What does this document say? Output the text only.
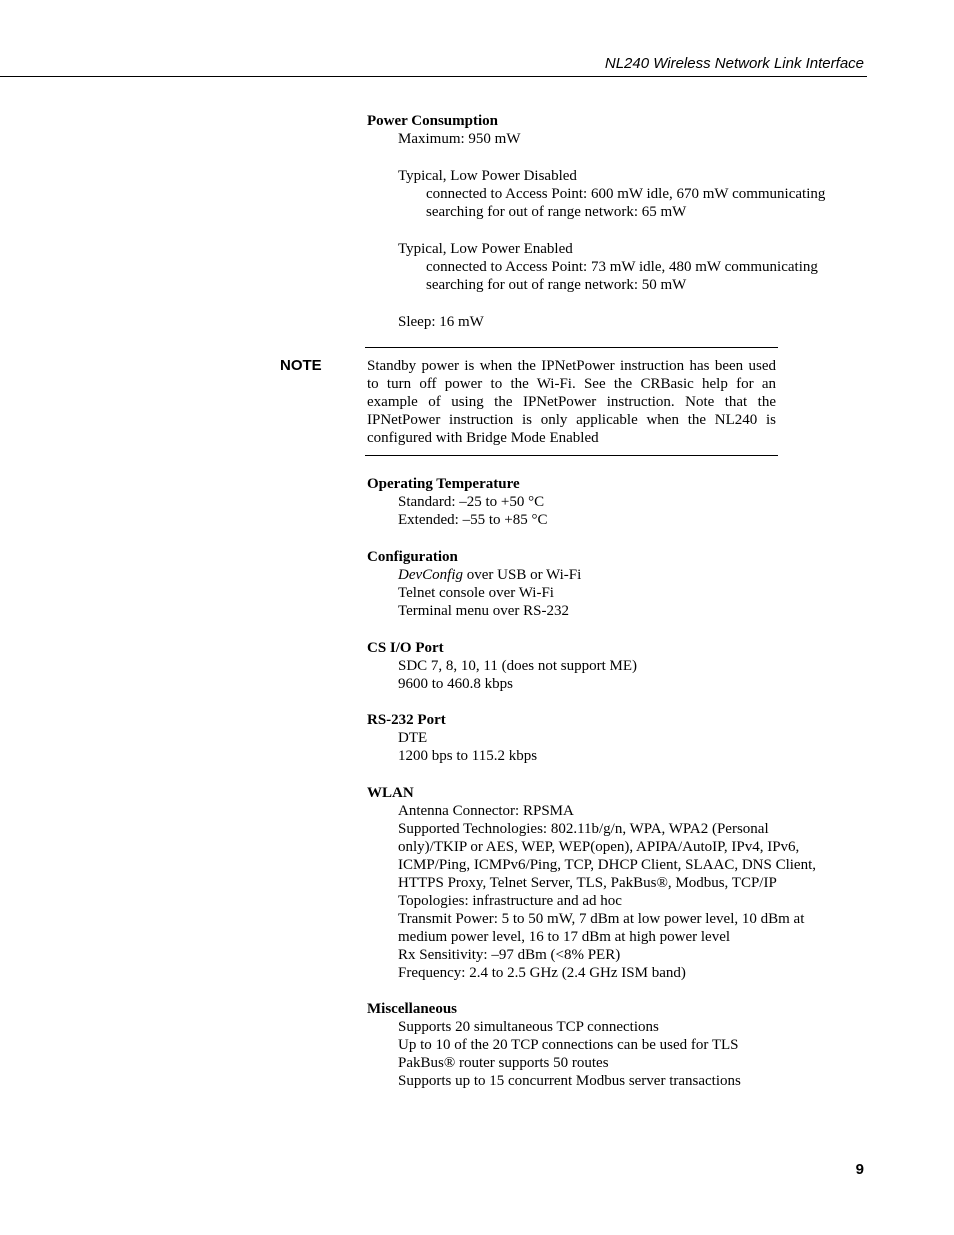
NL240 Wireless Network Link Interface
Power Consumption
Maximum: 950 mW
Typical, Low Power Disabled
connected to Access Point: 600 mW idle, 670 mW communicating
searching for out of range network: 65 mW
Typical, Low Power Enabled
connected to Access Point: 73 mW idle, 480 mW communicating
searching for out of range network: 50 mW
Sleep: 16 mW
NOTE	Standby power is when the IPNetPower instruction has been used to turn off power to the Wi-Fi. See the CRBasic help for an example of using the IPNetPower instruction. Note that the IPNetPower instruction is only applicable when the NL240 is configured with Bridge Mode Enabled
Operating Temperature
Standard: –25 to +50 °C
Extended: –55 to +85 °C
Configuration
DevConfig over USB or Wi-Fi
Telnet console over Wi-Fi
Terminal menu over RS-232
CS I/O Port
SDC 7, 8, 10, 11 (does not support ME)
9600 to 460.8 kbps
RS-232 Port
DTE
1200 bps to 115.2 kbps
WLAN
Antenna Connector: RPSMA
Supported Technologies: 802.11b/g/n, WPA, WPA2 (Personal
only)/TKIP or AES, WEP, WEP(open), APIPA/AutoIP, IPv4, IPv6,
ICMP/Ping, ICMPv6/Ping, TCP, DHCP Client, SLAAC, DNS Client,
HTTPS Proxy, Telnet Server, TLS, PakBus®, Modbus, TCP/IP
Topologies: infrastructure and ad hoc
Transmit Power: 5 to 50 mW, 7 dBm at low power level, 10 dBm at
medium power level, 16 to 17 dBm at high power level
Rx Sensitivity: –97 dBm (<8% PER)
Frequency: 2.4 to 2.5 GHz (2.4 GHz ISM band)
Miscellaneous
Supports 20 simultaneous TCP connections
Up to 10 of the 20 TCP connections can be used for TLS
PakBus® router supports 50 routes
Supports up to 15 concurrent Modbus server transactions
9
